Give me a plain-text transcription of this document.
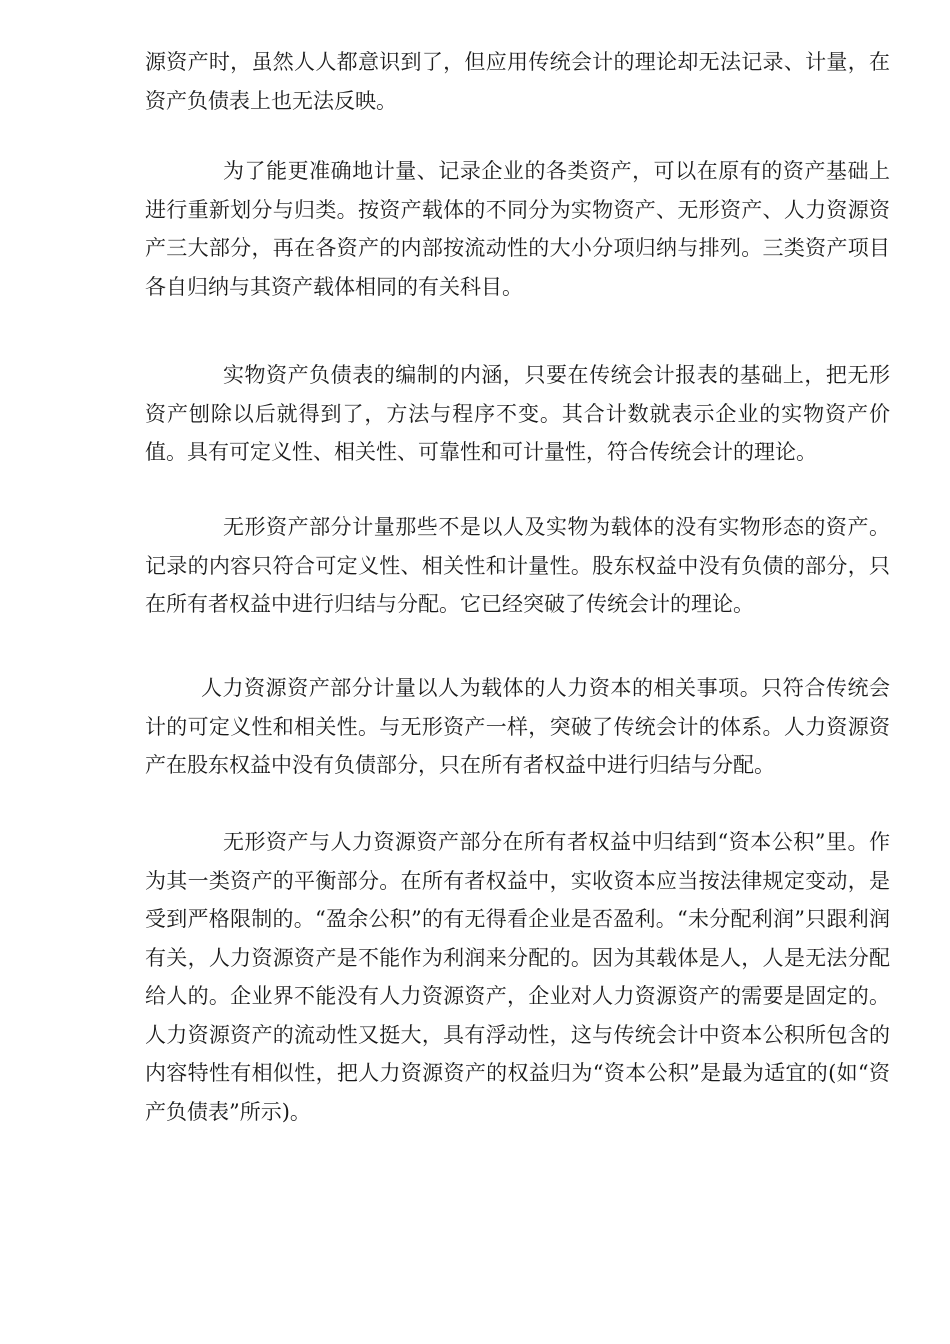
源资产时，虽然人人都意识到了，但应用传统会计的理论却无法记录、计量，在资产负债表上也无法反映。

为了能更准确地计量、记录企业的各类资产，可以在原有的资产基础上进行重新划分与归类。按资产载体的不同分为实物资产、无形资产、人力资源资产三大部分，再在各资产的内部按流动性的大小分项归纳与排列。三类资产项目各自归纳与其资产载体相同的有关科目。

实物资产负债表的编制的内涵，只要在传统会计报表的基础上，把无形资产刨除以后就得到了，方法与程序不变。其合计数就表示企业的实物资产价值。具有可定义性、相关性、可靠性和可计量性，符合传统会计的理论。

无形资产部分计量那些不是以人及实物为载体的没有实物形态的资产。记录的内容只符合可定义性、相关性和计量性。股东权益中没有负债的部分，只在所有者权益中进行归结与分配。它已经突破了传统会计的理论。

人力资源资产部分计量以人为载体的人力资本的相关事项。只符合传统会计的可定义性和相关性。与无形资产一样，突破了传统会计的体系。人力资源资产在股东权益中没有负债部分，只在所有者权益中进行归结与分配。

无形资产与人力资源资产部分在所有者权益中归结到“资本公积”里。作为其一类资产的平衡部分。在所有者权益中，实收资本应当按法律规定变动，是受到严格限制的。“盈余公积”的有无得看企业是否盈利。“未分配利润”只跟利润有关，人力资源资产是不能作为利润来分配的。因为其载体是人，人是无法分配给人的。企业界不能没有人力资源资产，企业对人力资源资产的需要是固定的。人力资源资产的流动性又挺大，具有浮动性，这与传统会计中资本公积所包含的内容特性有相似性，把人力资源资产的权益归为“资本公积”是最为适宜的(如“资产负债表”所示)。
